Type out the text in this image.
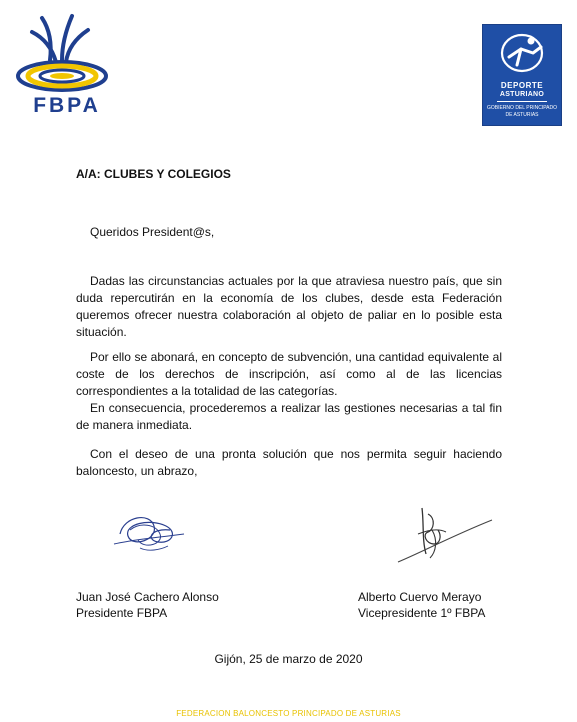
FBPA
DEPORTE
ASTURIANO
GOBIERNO DEL PRINCIPADO DE ASTURIAS
A/A: CLUBES Y COLEGIOS
Queridos President@s,

Dadas las circunstancias actuales por la que atraviesa nuestro país, que sin duda repercutirán en la economía de los clubes, desde esta Federación queremos ofrecer nuestra colaboración al objeto de paliar en lo posible esta situación.

Por ello se abonará, en concepto de subvención, una cantidad equivalente al coste de los derechos de inscripción, así como al de las licencias correspondientes a la totalidad de las categorías.

En consecuencia, procederemos a realizar las gestiones necesarias a tal fin de manera inmediata.

Con el deseo de una pronta solución que nos permita seguir haciendo baloncesto, un abrazo,

Juan José Cachero Alonso
Presidente FBPA
Alberto Cuervo Merayo
Vicepresidente 1º FBPA
Gijón, 25 de marzo de 2020
FEDERACION BALONCESTO PRINCIPADO DE ASTURIAS
